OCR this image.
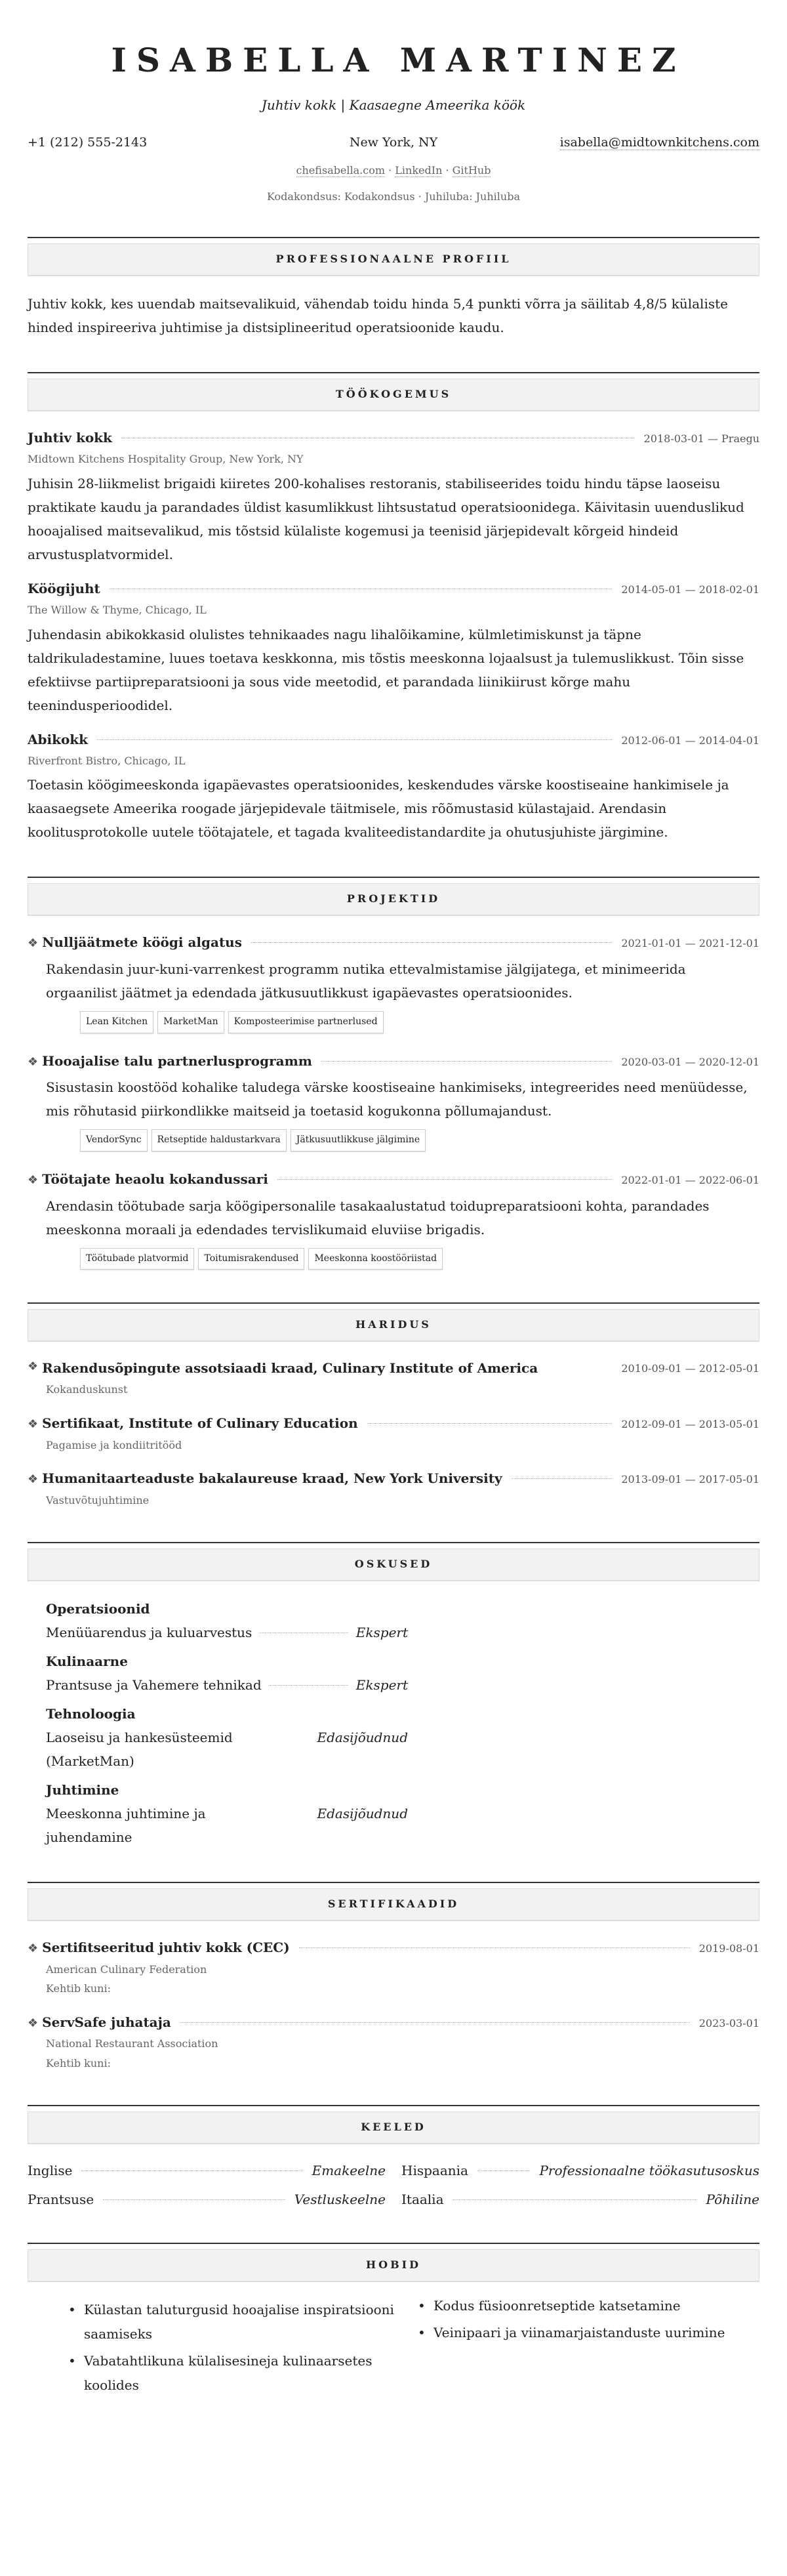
ISABELLA MARTINEZ
Juhtiv kokk | Kaasaegne Ameerika köök
+1 (212) 555-2143	New York, NY	isabella@midtownkitchens.com
chefisabella.com · LinkedIn · GitHub
Kodakondsus: Kodakondsus · Juhiluba: Juhiluba
PROFESSIONAALNE PROFIIL

Juhtiv kokk, kes uuendab maitsevalikuid, vähendab toidu hinda 5,4 punkti võrra ja säilitab 4,8/5 külaliste hinded inspireeriva juhtimise ja distsiplineeritud operatsioonide kaudu.

TÖÖKOGEMUS
Juhtiv kokk	2018-03-01 — Praegu
Midtown Kitchens Hospitality Group, New York, NY

Juhisin 28-liikmelist brigaidi kiiretes 200-kohalises restoranis, stabiliseerides toidu hindu täpse laoseisu praktikate kaudu ja parandades üldist kasumlikkust lihtsustatud operatsioonidega. Käivitasin uuenduslikud hooajalised maitsevalikud, mis tõstsid külaliste kogemusi ja teenisid järjepidevalt kõrgeid hindeid arvustusplatvormidel.

Köögijuht	2014-05-01 — 2018-02-01
The Willow & Thyme, Chicago, IL

Juhendasin abikokkasid olulistes tehnikaades nagu lihalõikamine, külmletimiskunst ja täpne taldrikuladestamine, luues toetava keskkonna, mis tõstis meeskonna lojaalsust ja tulemuslikkust. Tõin sisse efektiivse partiipreparatsiooni ja sous vide meetodid, et parandada liinikiirust kõrge mahu teenindusperioodidel.

Abikokk	2012-06-01 — 2014-04-01
Riverfront Bistro, Chicago, IL

Toetasin köögimeeskonda igapäevastes operatsioonides, keskendudes värske koostiseaine hankimisele ja kaasaegsete Ameerika roogade järjepidevale täitmisele, mis rõõmustasid külastajaid. Arendasin koolitusprotokolle uutele töötajatele, et tagada kvaliteedistandardite ja ohutusjuhiste järgimine.

PROJEKTID
❖ Nulljäätmete köögi algatus	2021-01-01 — 2021-12-01

Rakendasin juur-kuni-varrenkest programm nutika ettevalmistamise jälgijatega, et minimeerida orgaanilist jäätmet ja edendada jätkusuutlikkust igapäevastes operatsioonides.

Lean Kitchen	MarketMan	Komposteerimise partnerlused
❖ Hooajalise talu partnerlusprogramm	2020-03-01 — 2020-12-01

Sisustasin koostööd kohalike taludega värske koostiseaine hankimiseks, integreerides need menüüdesse, mis rõhutasid piirkondlikke maitseid ja toetasid kogukonna põllumajandust.

VendorSync	Retseptide haldustarkvara	Jätkusuutlikkuse jälgimine
❖ Töötajate heaolu kokandussari	2022-01-01 — 2022-06-01

Arendasin töötubade sarja köögipersonalile tasakaalustatud toidupreparatsiooni kohta, parandades meeskonna moraali ja edendades tervislikumaid eluviise brigadis.

Töötubade platvormid	Toitumisrakendused	Meeskonna koostööriistad
HARIDUS
❖ Rakendusõpingute assotsiaadi kraad, Culinary Institute of America	2010-09-01 — 2012-05-01
Kokanduskunst
❖ Sertifikaat, Institute of Culinary Education	2012-09-01 — 2013-05-01
Pagamise ja kondiitritööd
❖ Humanitaarteaduste bakalaureuse kraad, New York University	2013-09-01 — 2017-05-01
Vastuvõtujuhtimine
OSKUSED
Operatsioonid
Menüüarendus ja kuluarvestus	Ekspert
Kulinaarne
Prantsuse ja Vahemere tehnikad	Ekspert
Tehnoloogia
Laoseisu ja hankesüsteemid (MarketMan)
Edasijõudnud
Juhtimine
Meeskonna juhtimine ja juhendamine
Edasijõudnud
SERTIFIKAADID
❖ Sertifitseeritud juhtiv kokk (CEC)	2019-08-01
American Culinary Federation
Kehtib kuni:
❖ ServSafe juhataja	2023-03-01
National Restaurant Association
Kehtib kuni:
KEELED
Inglise	Emakeelne Hispaania	Professionaalne töökasutusoskus
Prantsuse	Vestluskeelne Itaalia	Põhiline
HOBID
• Külastan taluturgusid hooajalise inspiratsiooni saamiseks
• Vabatahtlikuna külalisesineja kulinaarsetes koolides
• Kodus füsioonretseptide katsetamine
• Veinipaari ja viinamarjaistanduste uurimine
